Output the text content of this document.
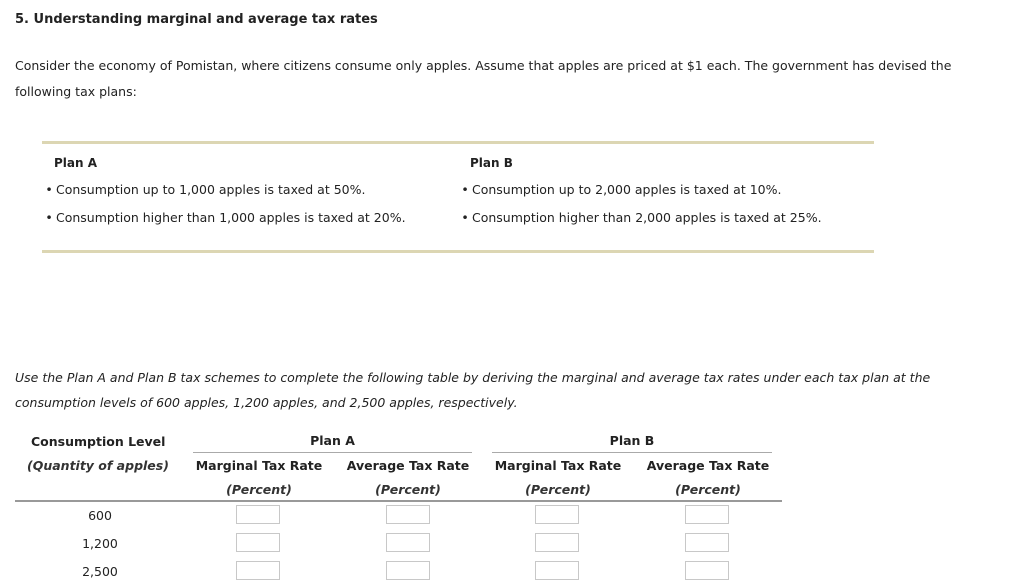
5. Understanding marginal and average tax rates
Consider the economy of Pomistan, where citizens consume only apples. Assume that apples are priced at $1 each. The government has devised the following tax plans:
Plan A
• Consumption up to 1,000 apples is taxed at 50%.
• Consumption higher than 1,000 apples is taxed at 20%.
Plan B
• Consumption up to 2,000 apples is taxed at 10%.
• Consumption higher than 2,000 apples is taxed at 25%.
Use the Plan A and Plan B tax schemes to complete the following table by deriving the marginal and average tax rates under each tax plan at the consumption levels of 600 apples, 1,200 apples, and 2,500 apples, respectively.
Consumption Level
(Quantity of apples)
Plan A	Plan B
Marginal Tax Rate	Average Tax Rate	Marginal Tax Rate	Average Tax Rate
(Percent)	(Percent)	(Percent)	(Percent)
600
1,200
2,500
